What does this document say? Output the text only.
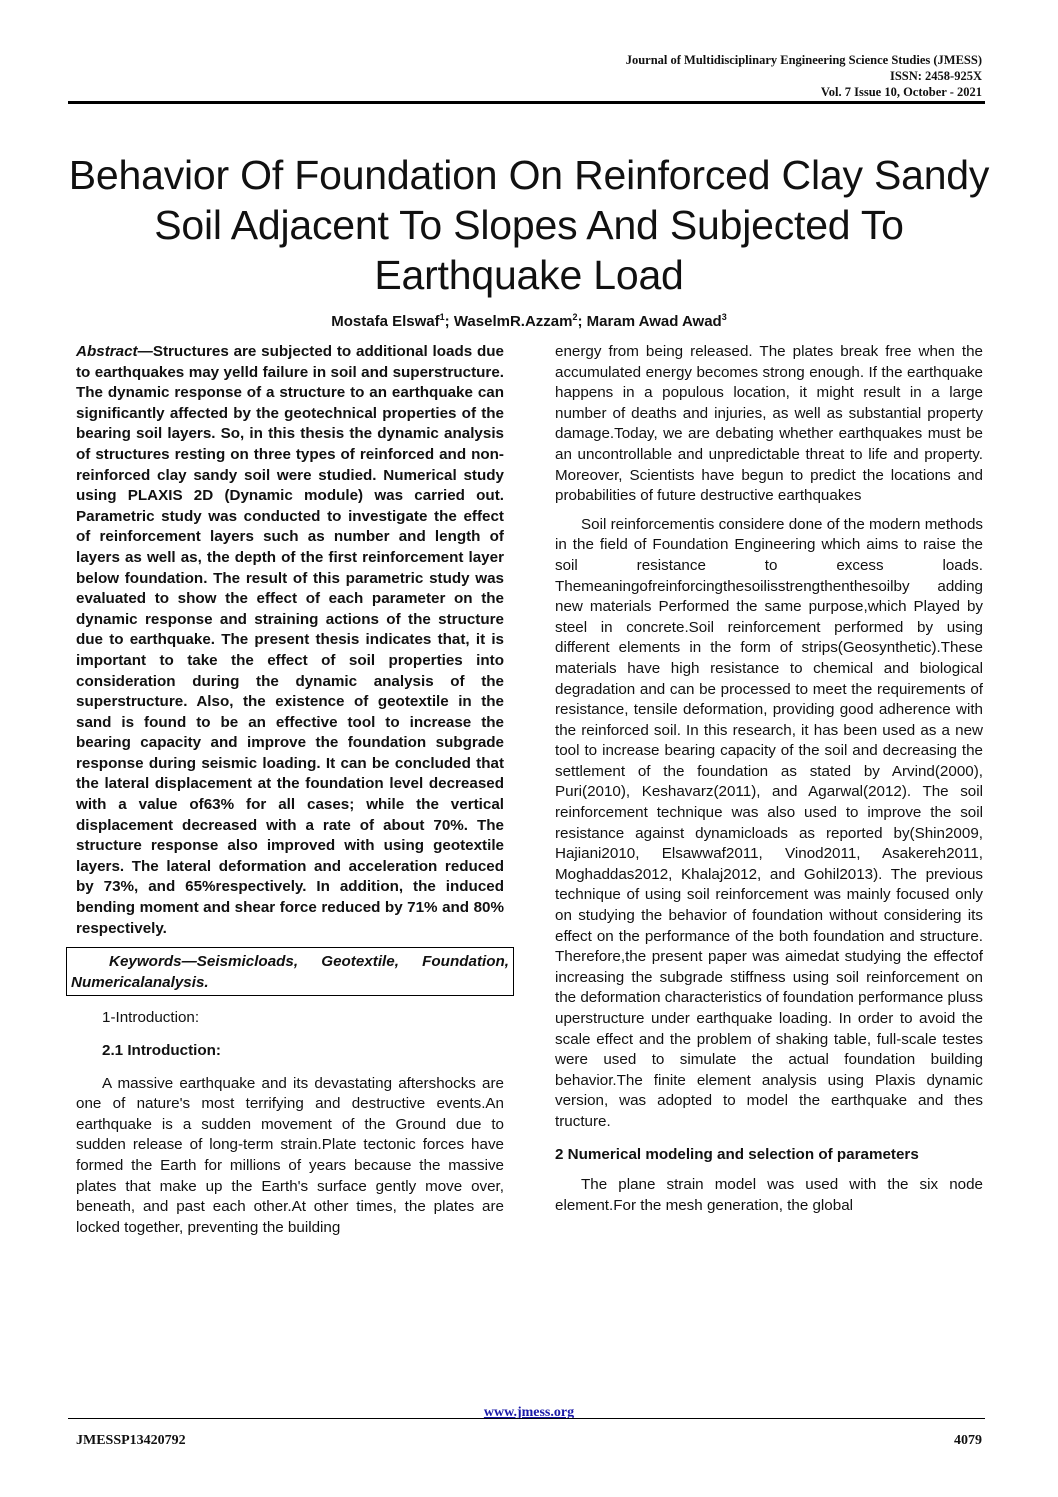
Journal of Multidisciplinary Engineering Science Studies (JMESS)
ISSN: 2458-925X
Vol. 7 Issue 10, October - 2021
Behavior Of Foundation On Reinforced Clay Sandy Soil Adjacent To Slopes And Subjected To Earthquake Load
Mostafa Elswaf$^1$; WaselmR.Azzam$^2$; Maram Awad Awad$^3$

Abstract—Structures are subjected to additional loads due to earthquakes may yelld failure in soil and superstructure. The dynamic response of a structure to an earthquake can significantly affected by the geotechnical properties of the bearing soil layers. So, in this thesis the dynamic analysis of structures resting on three types of reinforced and non-reinforced clay sandy soil were studied. Numerical study using PLAXIS 2D (Dynamic module) was carried out. Parametric study was conducted to investigate the effect of reinforcement layers such as number and length of layers as well as, the depth of the first reinforcement layer below foundation. The result of this parametric study was evaluated to show the effect of each parameter on the dynamic response and straining actions of the structure due to earthquake. The present thesis indicates that, it is important to take the effect of soil properties into consideration during the dynamic analysis of the superstructure. Also, the existence of geotextile in the sand is found to be an effective tool to increase the bearing capacity and improve the foundation subgrade response during seismic loading. It can be concluded that the lateral displacement at the foundation level decreased with a value of63% for all cases; while the vertical displacement decreased with a rate of about 70%. The structure response also improved with using geotextile layers. The lateral deformation and acceleration reduced by 73%, and 65%respectively. In addition, the induced bending moment and shear force reduced by 71% and 80% respectively.

Keywords—Seismicloads, Geotextile, Foundation, Numericalanalysis.

1-Introduction:

2.1 Introduction:

A massive earthquake and its devastating aftershocks are one of nature's most terrifying and destructive events.An earthquake is a sudden movement of the Ground due to sudden release of long-term strain.Plate tectonic forces have formed the Earth for millions of years because the massive plates that make up the Earth's surface gently move over, beneath, and past each other.At other times, the plates are locked together, preventing the building

energy from being released. The plates break free when the accumulated energy becomes strong enough. If the earthquake happens in a populous location, it might result in a large number of deaths and injuries, as well as substantial property damage.Today, we are debating whether earthquakes must be an uncontrollable and unpredictable threat to life and property. Moreover, Scientists have begun to predict the locations and probabilities of future destructive earthquakes

Soil reinforcementis considere done of the modern methods in the field of Foundation Engineering which aims to raise the soil resistance to excess loads. Themeaningofreinforcingthesoilisstrengthenthesoilby adding new materials Performed the same purpose,which Played by steel in concrete.Soil reinforcement performed by using different elements in the form of strips(Geosynthetic).These materials have high resistance to chemical and biological degradation and can be processed to meet the requirements of resistance, tensile deformation, providing good adherence with the reinforced soil. In this research, it has been used as a new tool to increase bearing capacity of the soil and decreasing the settlement of the foundation as stated by Arvind(2000), Puri(2010), Keshavarz(2011), and Agarwal(2012). The soil reinforcement technique was also used to improve the soil resistance against dynamicloads as reported by(Shin2009, Hajiani2010, Elsawwaf2011, Vinod2011, Asakereh2011, Moghaddas2012, Khalaj2012, and Gohil2013). The previous technique of using soil reinforcement was mainly focused only on studying the behavior of foundation without considering its effect on the performance of the both foundation and structure. Therefore,the present paper was aimedat studying the effectof increasing the subgrade stiffness using soil reinforcement on the deformation characteristics of foundation performance pluss uperstructure under earthquake loading. In order to avoid the scale effect and the problem of shaking table, full-scale testes were used to simulate the actual foundation building behavior.The finite element analysis using Plaxis dynamic version, was adopted to model the earthquake and thes tructure.

2 Numerical modeling and selection of parameters

The plane strain model was used with the six node element.For the mesh generation, the global

www.jmess.org
JMESSP13420792	4079
